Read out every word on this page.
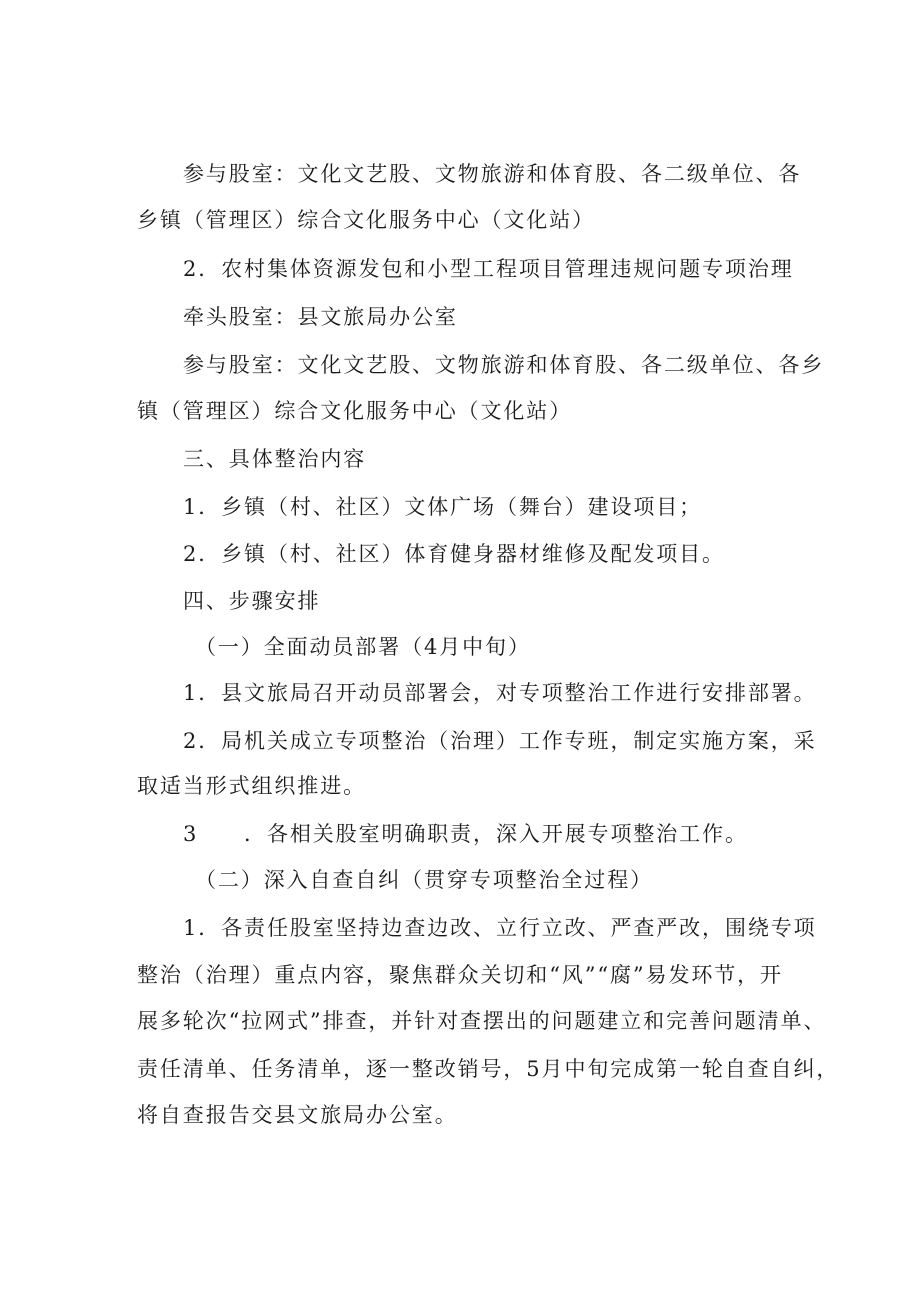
参与股室：文化文艺股、文物旅游和体育股、各二级单位、各
乡镇（管理区）综合文化服务中心（文化站）
2．农村集体资源发包和小型工程项目管理违规问题专项治理
牵头股室：县文旅局办公室
参与股室：文化文艺股、文物旅游和体育股、各二级单位、各乡
镇（管理区）综合文化服务中心（文化站）
三、具体整治内容
1．乡镇（村、社区）文体广场（舞台）建设项目；
2．乡镇（村、社区）体育健身器材维修及配发项目。
四、步骤安排
（一）全面动员部署（4月中旬）
1．县文旅局召开动员部署会，对专项整治工作进行安排部署。
2．局机关成立专项整治（治理）工作专班，制定实施方案，采
取适当形式组织推进。
3　　．各相关股室明确职责，深入开展专项整治工作。
（二）深入自查自纠（贯穿专项整治全过程）
1．各责任股室坚持边查边改、立行立改、严查严改，围绕专项
整治（治理）重点内容，聚焦群众关切和“风”“腐”易发环节，开
展多轮次“拉网式”排查，并针对查摆出的问题建立和完善问题清单、
责任清单、任务清单，逐一整改销号，5月中旬完成第一轮自查自纠，
将自查报告交县文旅局办公室。
